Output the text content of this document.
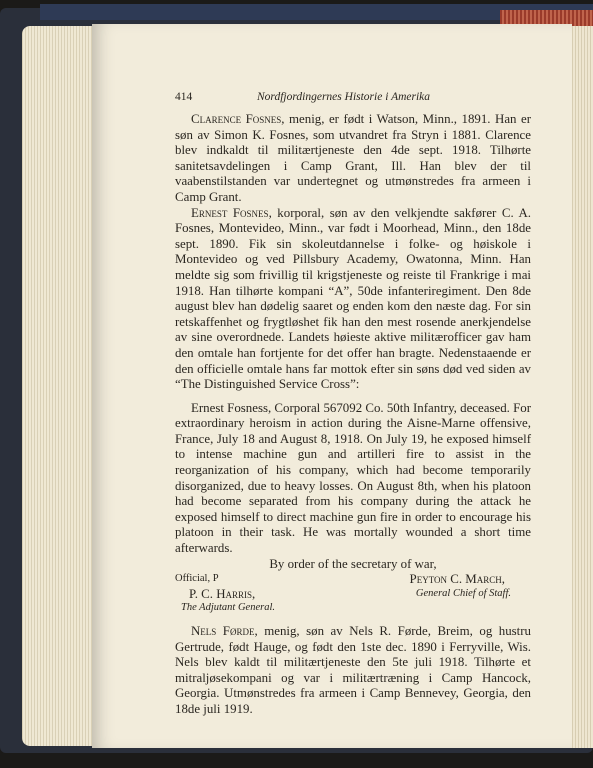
414	Nordfjordingernes Historie i Amerika

Clarence Fosnes, menig, er født i Watson, Minn., 1891. Han er søn av Simon K. Fosnes, som utvandret fra Stryn i 1881. Clarence blev indkaldt til militærtjeneste den 4de sept. 1918. Tilhørte sanitetsavdelingen i Camp Grant, Ill. Han blev der til vaabenstilstanden var undertegnet og utmønstredes fra armeen i Camp Grant.

Ernest Fosnes, korporal, søn av den velkjendte sakfører C. A. Fosnes, Montevideo, Minn., var født i Moorhead, Minn., den 18de sept. 1890. Fik sin skoleutdannelse i folke- og høiskole i Montevideo og ved Pillsbury Academy, Owatonna, Minn. Han meldte sig som frivillig til krigstjeneste og reiste til Frankrige i mai 1918. Han tilhørte kompani “A”, 50de infanteriregiment. Den 8de august blev han dødelig saaret og enden kom den næste dag. For sin retskaffenhet og frygtløshet fik han den mest rosende anerkjendelse av sine overordnede. Landets høieste aktive militærofficer gav ham den omtale han fortjente for det offer han bragte. Nedenstaaende er den officielle omtale hans far mottok efter sin søns død ved siden av “The Distinguished Service Cross”:

Ernest Fosness, Corporal 567092 Co. 50th Infantry, deceased. For extraordinary heroism in action during the Aisne-Marne offensive, France, July 18 and August 8, 1918. On July 19, he exposed himself to intense machine gun and artilleri fire to assist in the reorganization of his company, which had become temporarily disorganized, due to heavy losses. On August 8th, when his platoon had become separated from his company during the attack he exposed himself to direct machine gun fire in order to encourage his platoon in their task. He was mortally wounded a short time afterwards.

By order of the secretary of war,

Official, P	Peyton C. March,
P. C. Harris,	General Chief of Staff.
The Adjutant General.

Nels Førde, menig, søn av Nels R. Førde, Breim, og hustru Gertrude, født Hauge, og født den 1ste dec. 1890 i Ferryville, Wis. Nels blev kaldt til militærtjeneste den 5te juli 1918. Tilhørte et mitraljøsekompani og var i militærtræning i Camp Hancock, Georgia. Utmønstredes fra armeen i Camp Bennevey, Georgia, den 18de juli 1919.
